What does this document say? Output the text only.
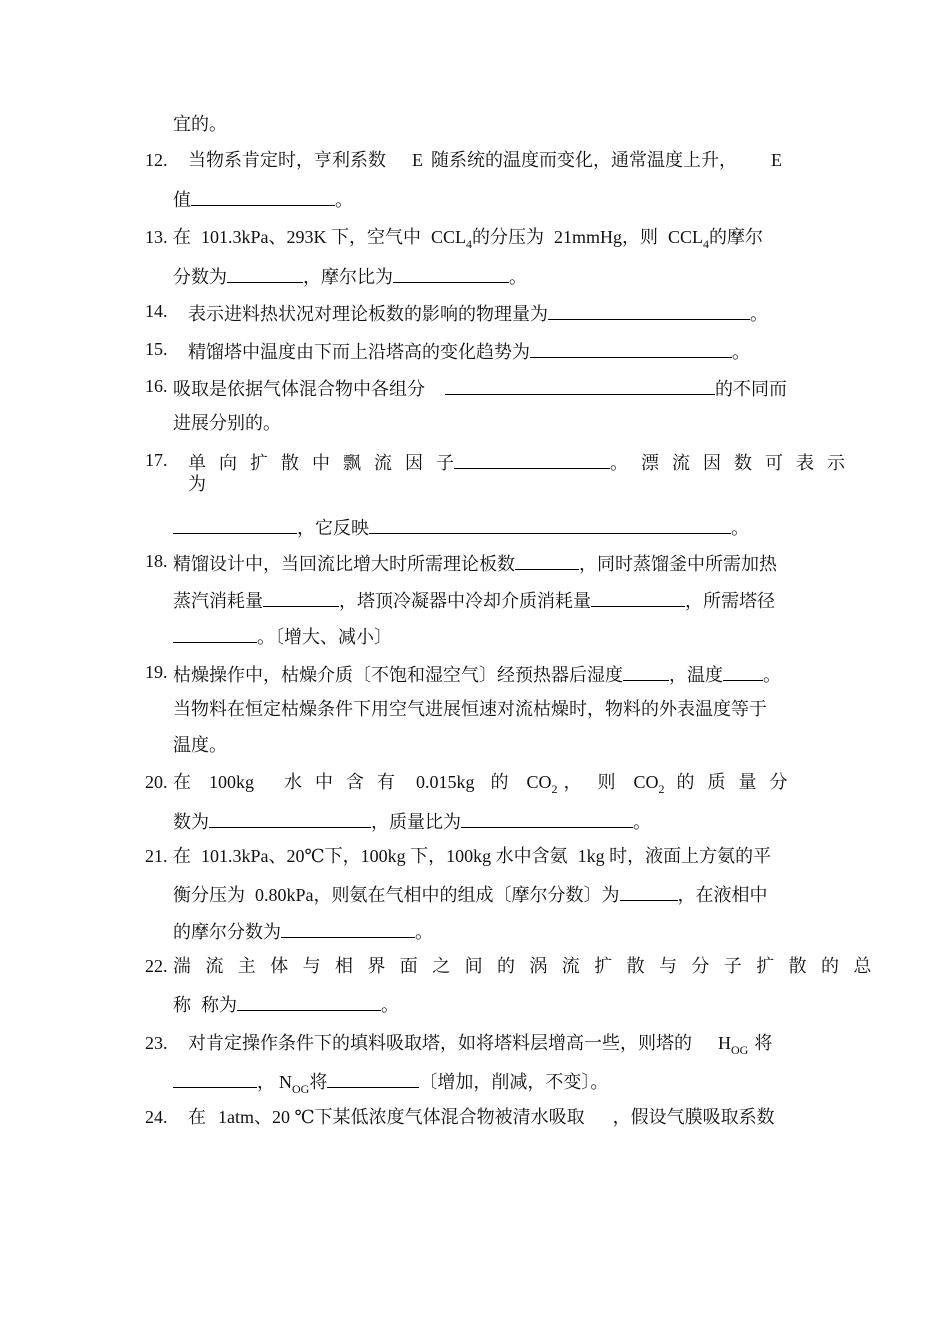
宜的。
12. 当物系肯定时，亨利系数 E 随系统的温度而变化，通常温度上升， E
值	。
13. 在 101.3kPa、293K 下，空气中 $CCL_4$的分压为 21mmHg，则 $CCL_4$的摩尔
分数为	，摩尔比为	。
14. 表示进料热状况对理论板数的影响的物理量为	。
15. 精馏塔中温度由下而上沿塔高的变化趋势为	。
16. 吸取是依据气体混合物中各组分	的不同而
进展分别的。
17. 单向扩散中飘流因子	。漂流因数可表示
为
，它反映	。
18. 精馏设计中，当回流比增大时所需理论板数	，同时蒸馏釜中所需加热
蒸汽消耗量	，塔顶冷凝器中冷却介质消耗量	，所需塔径
。〔增大、减小〕
19. 枯燥操作中，枯燥介质〔不饱和湿空气〕经预热器后湿度	，温度 。
当物料在恒定枯燥条件下用空气进展恒速对流枯燥时，物料的外表温度等于
温度。
20. 在 100kg 水中含有 0.015kg 的 $CO_2$ ， 则 $CO_2$ 的质量分
数为	，质量比为	。
21. 在 101.3kPa、20℃下，100kg 下，100kg 水中含氨 1kg 时，液面上方氨的平
衡分压为 0.80kPa，则氨在气相中的组成〔摩尔分数〕为	，在液相中
的摩尔分数为	。
22. 湍流主体与相界面之间的涡流扩散与分子扩散的总
称 称为	。
23. 对肯定操作条件下的填料吸取塔，如将塔料层增高一些，则塔的 $H_{OG}$ 将
， $N_{OG}$将	〔增加，削减，不变〕。
24. 在 1atm、20 ℃下某低浓度气体混合物被清水吸取 ，假设气膜吸取系数
